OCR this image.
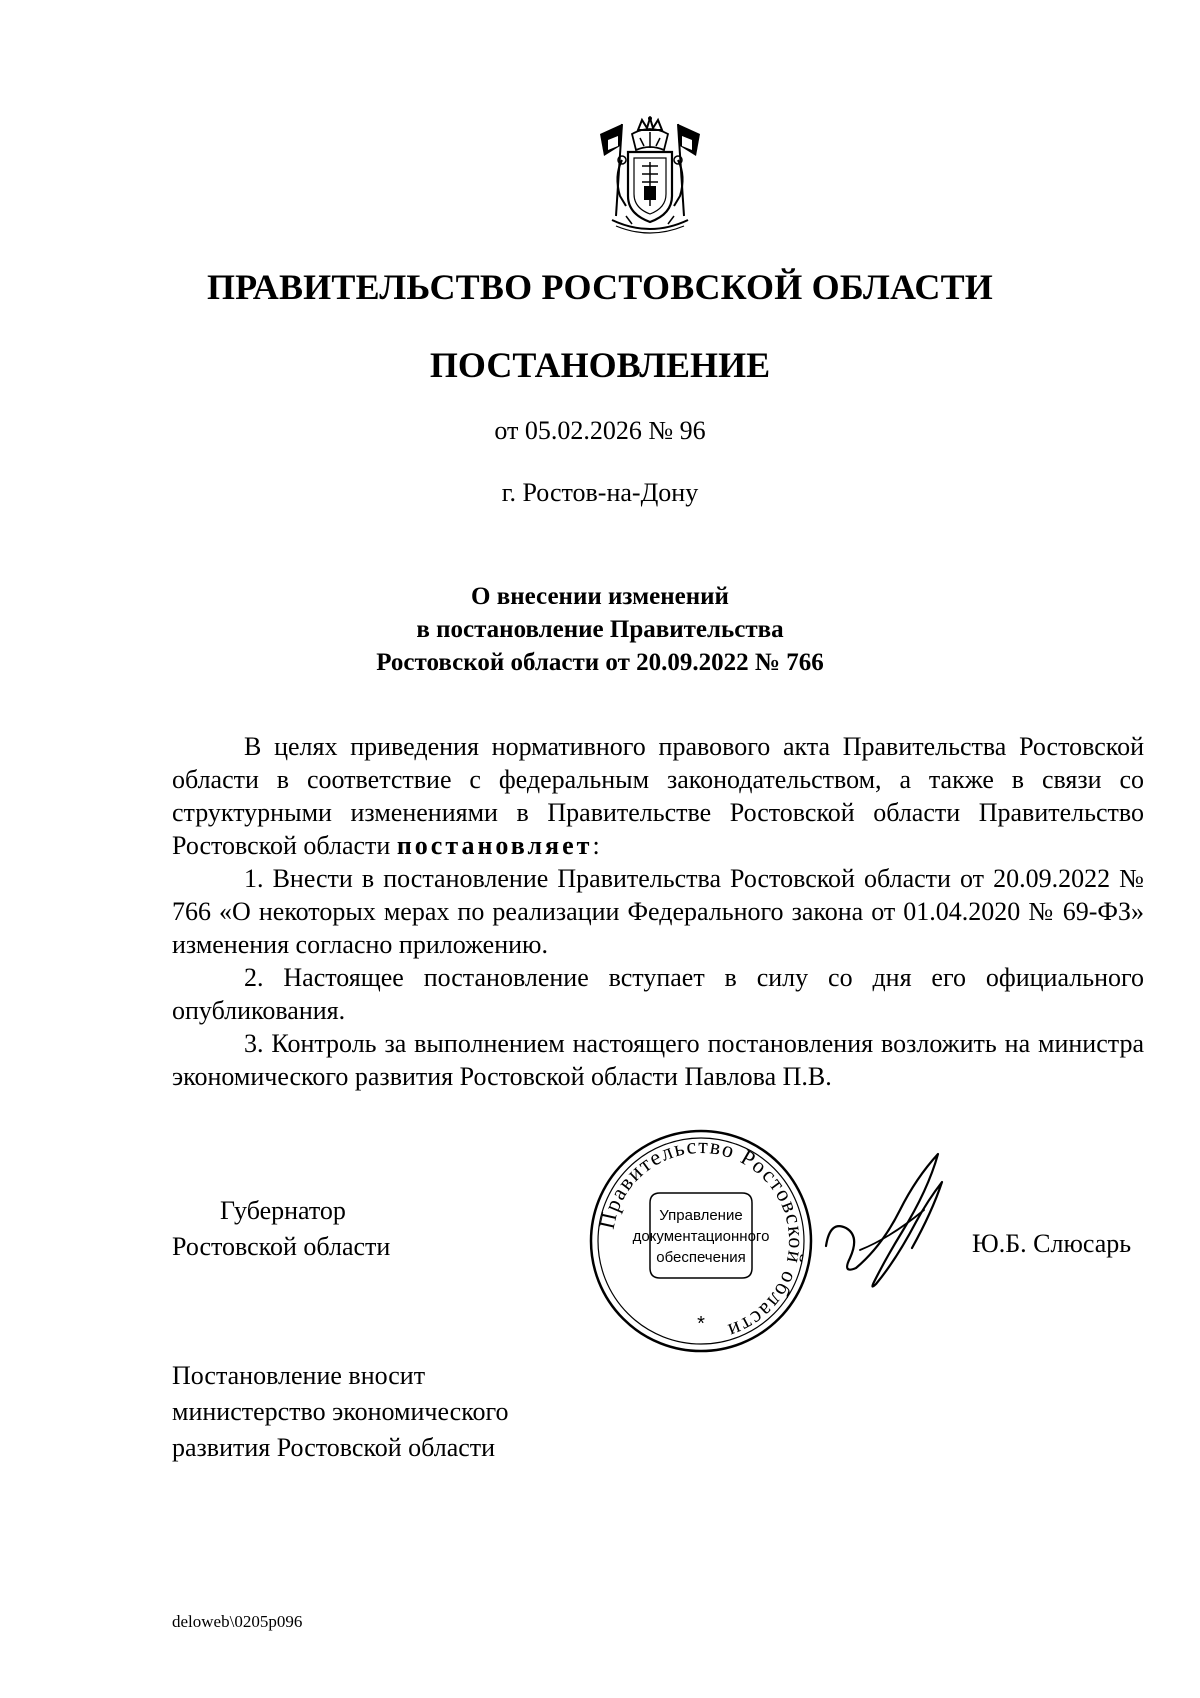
ПРАВИТЕЛЬСТВО РОСТОВСКОЙ ОБЛАСТИ
ПОСТАНОВЛЕНИЕ
от 05.02.2026 № 96
г. Ростов-на-Дону
О внесении изменений
в постановление Правительства
Ростовской области от 20.09.2022 № 766

В целях приведения нормативного правового акта Правительства Ростовской области в соответствие с федеральным законодательством, а также в связи со структурными изменениями в Правительстве Ростовской области Правительство Ростовской области постановляет:

1. Внести в постановление Правительства Ростовской области от 20.09.2022 № 766 «О некоторых мерах по реализации Федерального закона от 01.04.2020 № 69-ФЗ» изменения согласно приложению.

2. Настоящее постановление вступает в силу со дня его официального опубликования.

3. Контроль за выполнением настоящего постановления возложить на министра экономического развития Ростовской области Павлова П.В.

Губернатор
Ростовской области
Правительство Ростовской области
Управление
документационного
обеспечения
*
Ю.Б. Слюсарь
Постановление вносит
министерство экономического
развития Ростовской области
deloweb\0205p096
